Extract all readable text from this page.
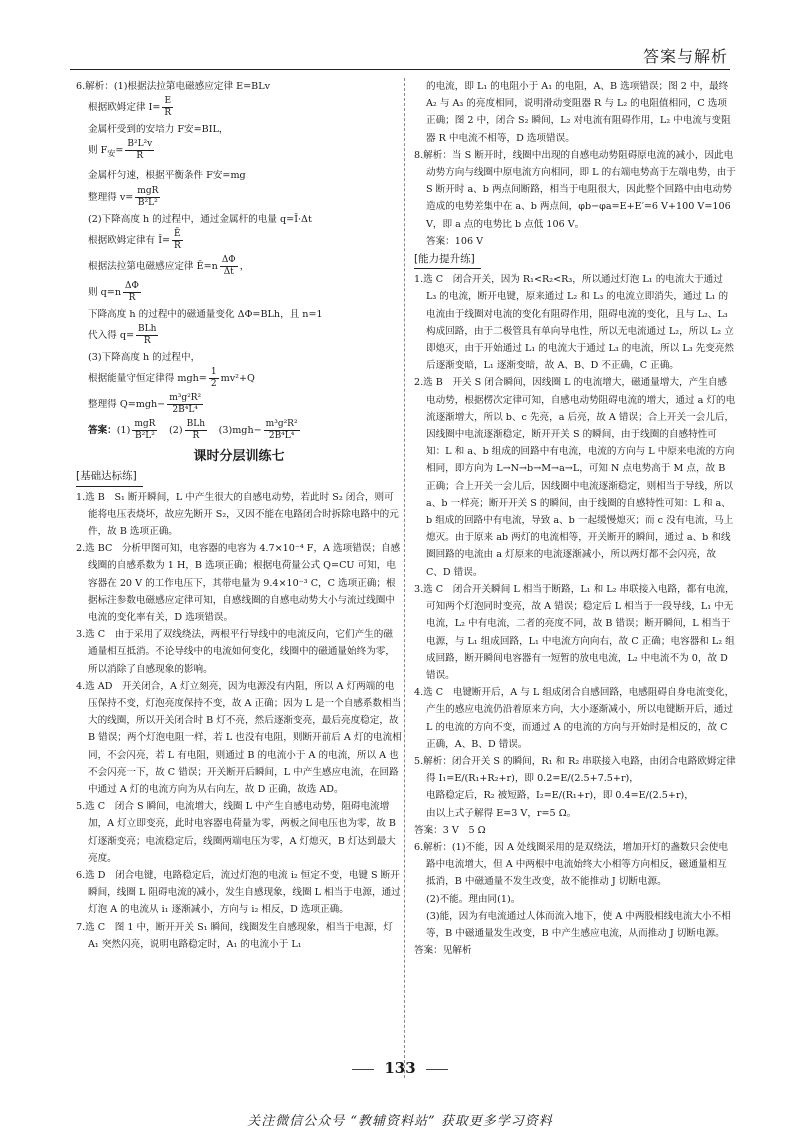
答案与解析

6.解析：(1)根据法拉第电磁感应定律 E=BLv

根据欧姆定律 $I= \frac{E}{R}$

金属杆受到的安培力 F安=BIL，

则 $F_安= \frac{\text{B²L²v}}{R}$

金属杆匀速，根据平衡条件 F安=mg

整理得 $v= \frac{\text{mgR}}{\text{B²L²}}$

(2)下降高度 h 的过程中，通过金属杆的电量 q=Ī·Δt

根据欧姆定律有 Ī= $\frac{Ē}{R}$

根据法拉第电磁感应定律 Ē=n $\frac{\Delta\Phi}{\Delta t}$ ，

则 $q=n \frac{\Delta\Phi}{R}$

下降高度 h 的过程中的磁通量变化 ΔΦ=BLh，且 n=1

代入得 $q= \frac{\text{BLh}}{R}$

(3)下降高度 h 的过程中，

根据能量守恒定律得 $mgh= \frac{1}{2} mv^2+Q$

整理得 $Q=mgh- \frac{\text{m³g²R²}}{\text{2B⁴L⁴}}$

答案：$(1) \frac{\text{mgR}}{\text{B²L²}}$ 　$(2) \frac{\text{BLh}}{R}$ 　$(3)mgh- \frac{\text{m³g²R²}}{\text{2B⁴L⁴}}$

课时分层训练七
[基础达标练]

1.选 B　S₁ 断开瞬间，L 中产生很大的自感电动势，若此时 S₂ 闭合，则可能将电压表烧坏，故应先断开 S₂，又因不能在电路闭合时拆除电路中的元件，故 B 选项正确。

2.选 BC　分析甲图可知，电容器的电容为 4.7×10⁻⁴ F，A 选项错误；自感线圈的自感系数为 1 H，B 选项正确；根据电荷量公式 Q=CU 可知，电容器在 20 V 的工作电压下，其带电量为 9.4×10⁻³ C，C 选项正确；根据标注参数电磁感应定律可知，自感线圈的自感电动势大小与流过线圈中电流的变化率有关，D 选项错误。

3.选 C　由于采用了双线绕法，两根平行导线中的电流反向，它们产生的磁通量相互抵消。不论导线中的电流如何变化，线圈中的磁通量始终为零，所以消除了自感现象的影响。

4.选 AD　开关闭合，A 灯立刻亮，因为电源没有内阻，所以 A 灯两端的电压保持不变，灯泡亮度保持不变，故 A 正确；因为 L 是一个自感系数相当大的线圈，所以开关闭合时 B 灯不亮，然后逐渐变亮，最后亮度稳定，故 B 错误；两个灯泡电阻一样，若 L 也没有电阻，则断开前后 A 灯的电流相同，不会闪亮，若 L 有电阻，则通过 B 的电流小于 A 的电流，所以 A 也不会闪亮一下，故 C 错误；开关断开后瞬间，L 中产生感应电流，在回路中通过 A 灯的电流方向为从右向左，故 D 正确，故选 AD。

5.选 C　闭合 S 瞬间，电流增大，线圈 L 中产生自感电动势，阻碍电流增加，A 灯立即变亮，此时电容器电荷量为零，两板之间电压也为零，故 B 灯逐渐变亮；电流稳定后，线圈两端电压为零，A 灯熄灭，B 灯达到最大亮度。

6.选 D　闭合电键，电路稳定后，流过灯泡的电流 i₂ 恒定不变，电键 S 断开瞬间，线圈 L 阻碍电流的减小，发生自感现象，线圈 L 相当于电源，通过灯泡 A 的电流从 i₁ 逐渐减小，方向与 i₂ 相反，D 选项正确。

7.选 C　图 1 中，断开开关 S₁ 瞬间，线圈发生自感现象，相当于电源，灯 A₁ 突然闪亮，说明电路稳定时，A₁ 的电流小于 L₁

的电流，即 L₁ 的电阻小于 A₁ 的电阻，A、B 选项错误；图 2 中，最终 A₂ 与 A₃ 的亮度相同，说明滑动变阻器 R 与 L₂ 的电阻值相同，C 选项正确；图 2 中，闭合 S₂ 瞬间，L₂ 对电流有阻碍作用，L₂ 中电流与变阻器 R 中电流不相等，D 选项错误。

8.解析：当 S 断开时，线圈中出现的自感电动势阻碍原电流的减小，因此电动势方向与线圈中原电流方向相同，即 L 的右端电势高于左端电势，由于 S 断开时 a、b 两点间断路，相当于电阻很大，因此整个回路中由电动势造成的电势差集中在 a、b 两点间，φb−φa=E+E′=6 V+100 V=106 V，即 a 点的电势比 b 点低 106 V。

答案：106 V

[能力提升练]

1.选 C　闭合开关，因为 R₁<R₂<R₃，所以通过灯泡 L₁ 的电流大于通过 L₃ 的电流，断开电键，原来通过 L₂ 和 L₃ 的电流立即消失，通过 L₁ 的电流由于线圈对电流的变化有阻碍作用，阻碍电流的变化，且与 L₂、L₃ 构成回路，由于二极管具有单向导电性，所以无电流通过 L₂，所以 L₂ 立即熄灭，由于开始通过 L₁ 的电流大于通过 L₃ 的电流，所以 L₃ 先变亮然后逐渐变暗，L₁ 逐渐变暗，故 A、B、D 不正确，C 正确。

2.选 B　开关 S 闭合瞬间，因线圈 L 的电流增大，磁通量增大，产生自感电动势，根据楞次定律可知，自感电动势阻碍电流的增大，通过 a 灯的电流逐渐增大，所以 b、c 先亮，a 后亮，故 A 错误；合上开关一会儿后，因线圈中电流逐渐稳定，断开开关 S 的瞬间，由于线圈的自感特性可知：L 和 a、b 组成的回路中有电流，电流的方向与 L 中原来电流的方向相同，即方向为 L→N→b→M→a→L，可知 N 点电势高于 M 点，故 B 正确；合上开关一会儿后，因线圈中电流逐渐稳定，则相当于导线，所以 a、b 一样亮；断开开关 S 的瞬间，由于线圈的自感特性可知：L 和 a、b 组成的回路中有电流，导致 a、b 一起缓慢熄灭；而 c 没有电流，马上熄灭。由于原来 ab 两灯的电流相等，开关断开的瞬间，通过 a、b 和线圈回路的电流由 a 灯原来的电流逐渐减小，所以两灯都不会闪亮，故 C、D 错误。

3.选 C　闭合开关瞬间 L 相当于断路，L₁ 和 L₂ 串联接入电路，都有电流，可知两个灯泡同时变亮，故 A 错误；稳定后 L 相当于一段导线，L₁ 中无电流，L₂ 中有电流，二者的亮度不同，故 B 错误；断开瞬间，L 相当于电源，与 L₁ 组成回路，L₁ 中电流方向向右，故 C 正确；电容器和 L₂ 组成回路，断开瞬间电容器有一短暂的放电电流，L₂ 中电流不为 0，故 D 错误。

4.选 C　电键断开后，A 与 L 组成闭合自感回路，电感阻碍自身电流变化，产生的感应电流仍沿着原来方向，大小逐渐减小，所以电键断开后，通过 L 的电流的方向不变，而通过 A 的电流的方向与开始时是相反的，故 C 正确，A、B、D 错误。

5.解析：闭合开关 S 的瞬间，R₁ 和 R₂ 串联接入电路，由闭合电路欧姆定律得 I₁=E/(R₁+R₂+r)，即 0.2=E/(2.5+7.5+r)，

电路稳定后，R₂ 被短路，I₂=E/(R₁+r)，即 0.4=E/(2.5+r)，

由以上式子解得 E=3 V，r=5 Ω。

答案：3 V　5 Ω

6.解析：(1)不能，因 A 处线圈采用的是双绕法，增加开灯的盏数只会使电路中电流增大，但 A 中两根中电流始终大小相等方向相反，磁通量相互抵消，B 中磁通量不发生改变，故不能推动 J 切断电源。

(2)不能。理由同(1)。

(3)能，因为有电流通过人体而流入地下，使 A 中两股相线电流大小不相等，B 中磁通量发生改变，B 中产生感应电流，从而推动 J 切断电源。

答案：见解析

133
关注微信公众号 “教辅资料站” 获取更多学习资料
